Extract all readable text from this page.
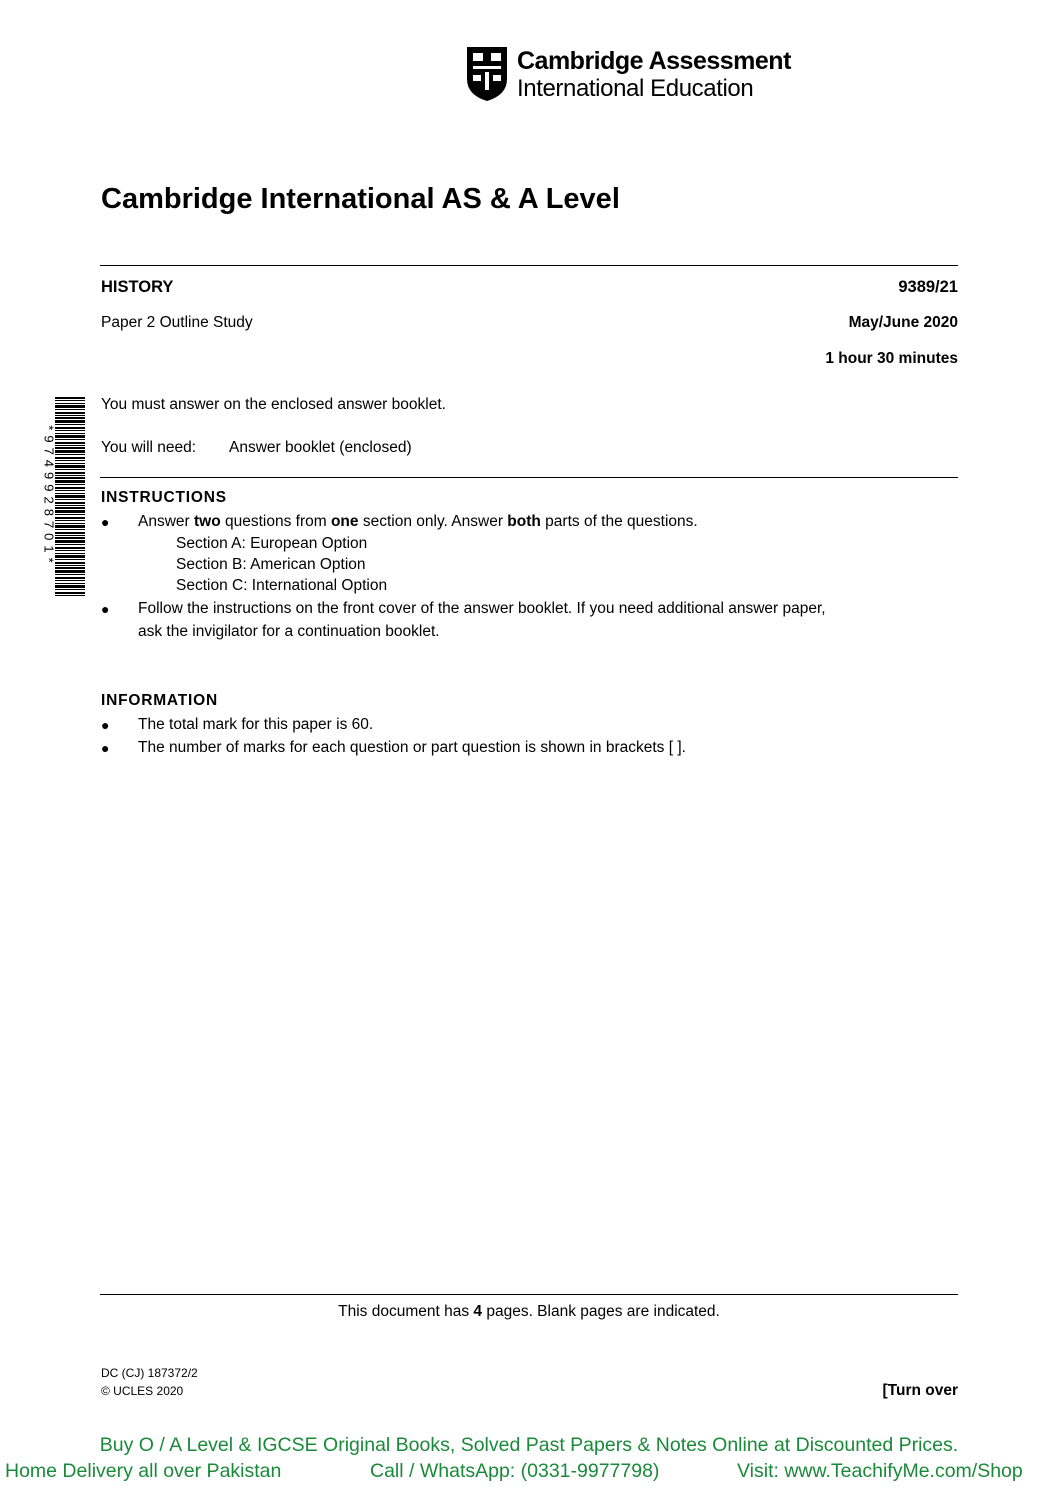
Cambridge Assessment
International Education
Cambridge International AS & A Level
HISTORY	9389/21
Paper 2 Outline Study	May/June 2020
1 hour 30 minutes
*9749928701*
You must answer on the enclosed answer booklet.
You will need: Answer booklet (enclosed)
INSTRUCTIONS
● Answer two questions from one section only. Answer both parts of the questions.
Section A: European Option
Section B: American Option
Section C: International Option
● Follow the instructions on the front cover of the answer booklet. If you need additional answer paper,
ask the invigilator for a continuation booklet.
INFORMATION
● The total mark for this paper is 60.
● The number of marks for each question or part question is shown in brackets [ ].
This document has 4 pages. Blank pages are indicated.
DC (CJ) 187372/2
© UCLES 2020	[Turn over
Buy O / A Level & IGCSE Original Books, Solved Past Papers & Notes Online at Discounted Prices.
Home Delivery all over Pakistan	Call / WhatsApp: (0331-9977798)	Visit: www.TeachifyMe.com/Shop
